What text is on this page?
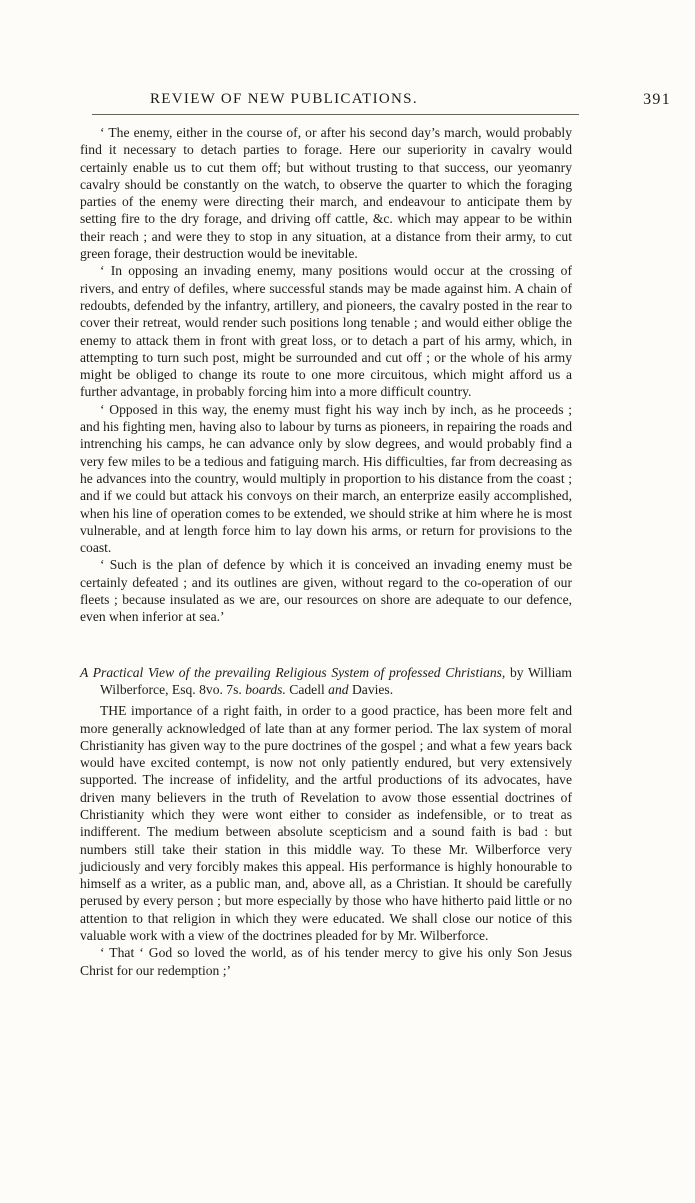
REVIEW OF NEW PUBLICATIONS.	391

‘ The enemy, either in the course of, or after his second day’s march, would probably find it necessary to detach parties to forage. Here our superiority in cavalry would certainly enable us to cut them off; but without trusting to that success, our yeomanry cavalry should be constantly on the watch, to observe the quarter to which the foraging parties of the enemy were directing their march, and endeavour to anticipate them by setting fire to the dry forage, and driving off cattle, &c. which may appear to be within their reach ; and were they to stop in any situation, at a distance from their army, to cut green forage, their destruction would be inevitable.

‘ In opposing an invading enemy, many positions would occur at the crossing of rivers, and entry of defiles, where successful stands may be made against him. A chain of redoubts, defended by the infantry, artillery, and pioneers, the cavalry posted in the rear to cover their retreat, would render such positions long tenable ; and would either oblige the enemy to attack them in front with great loss, or to detach a part of his army, which, in attempting to turn such post, might be surrounded and cut off ; or the whole of his army might be obliged to change its route to one more circuitous, which might afford us a further advantage, in probably forcing him into a more difficult country.

‘ Opposed in this way, the enemy must fight his way inch by inch, as he proceeds ; and his fighting men, having also to labour by turns as pioneers, in repairing the roads and intrenching his camps, he can advance only by slow degrees, and would probably find a very few miles to be a tedious and fatiguing march. His difficulties, far from decreasing as he advances into the country, would multiply in proportion to his distance from the coast ; and if we could but attack his convoys on their march, an enterprize easily accomplished, when his line of operation comes to be extended, we should strike at him where he is most vulnerable, and at length force him to lay down his arms, or return for provisions to the coast.

‘ Such is the plan of defence by which it is conceived an invading enemy must be certainly defeated ; and its outlines are given, without regard to the co-operation of our fleets ; because insulated as we are, our resources on shore are adequate to our defence, even when inferior at sea.’

A Practical View of the prevailing Religious System of professed Christians, by William Wilberforce, Esq. 8vo. 7s. boards. Cadell and Davies.

THE importance of a right faith, in order to a good practice, has been more felt and more generally acknowledged of late than at any former period. The lax system of moral Christianity has given way to the pure doctrines of the gospel ; and what a few years back would have excited contempt, is now not only patiently endured, but very extensively supported. The increase of infidelity, and the artful productions of its advocates, have driven many believers in the truth of Revelation to avow those essential doctrines of Christianity which they were wont either to consider as indefensible, or to treat as indifferent. The medium between absolute scepticism and a sound faith is bad : but numbers still take their station in this middle way. To these Mr. Wilberforce very judiciously and very forcibly makes this appeal. His performance is highly honourable to himself as a writer, as a public man, and, above all, as a Christian. It should be carefully perused by every person ; but more especially by those who have hitherto paid little or no attention to that religion in which they were educated. We shall close our notice of this valuable work with a view of the doctrines pleaded for by Mr. Wilberforce.

‘ That ‘ God so loved the world, as of his tender mercy to give his only Son Jesus Christ for our redemption ;’
